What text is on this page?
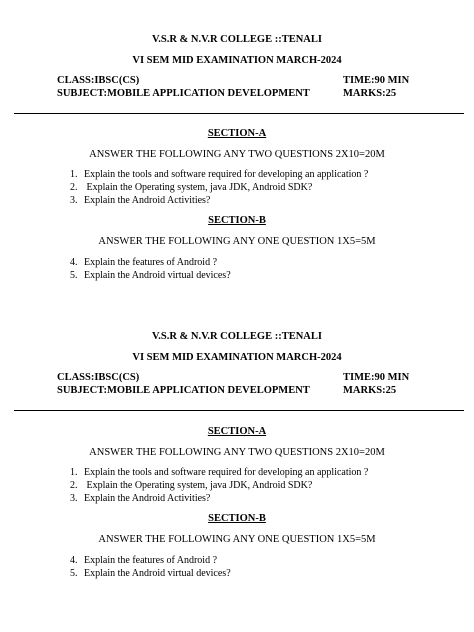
V.S.R & N.V.R COLLEGE ::TENALI
VI SEM MID EXAMINATION MARCH-2024
CLASS:IBSC(CS)	TIME:90 MIN
SUBJECT:MOBILE APPLICATION DEVELOPMENT	MARKS:25
SECTION-A
ANSWER THE FOLLOWING ANY TWO QUESTIONS 2X10=20M
1. Explain the tools and software required for developing an application ?
2. Explain the Operating system, java JDK, Android SDK?
3. Explain the Android Activities?
SECTION-B
ANSWER THE FOLLOWING ANY ONE QUESTION 1X5=5M
4. Explain the features of Android ?
5. Explain the Android virtual devices?
V.S.R & N.V.R COLLEGE ::TENALI
VI SEM MID EXAMINATION MARCH-2024
CLASS:IBSC(CS)	TIME:90 MIN
SUBJECT:MOBILE APPLICATION DEVELOPMENT	MARKS:25
SECTION-A
ANSWER THE FOLLOWING ANY TWO QUESTIONS 2X10=20M
1. Explain the tools and software required for developing an application ?
2. Explain the Operating system, java JDK, Android SDK?
3. Explain the Android Activities?
SECTION-B
ANSWER THE FOLLOWING ANY ONE QUESTION 1X5=5M
4. Explain the features of Android ?
5. Explain the Android virtual devices?
